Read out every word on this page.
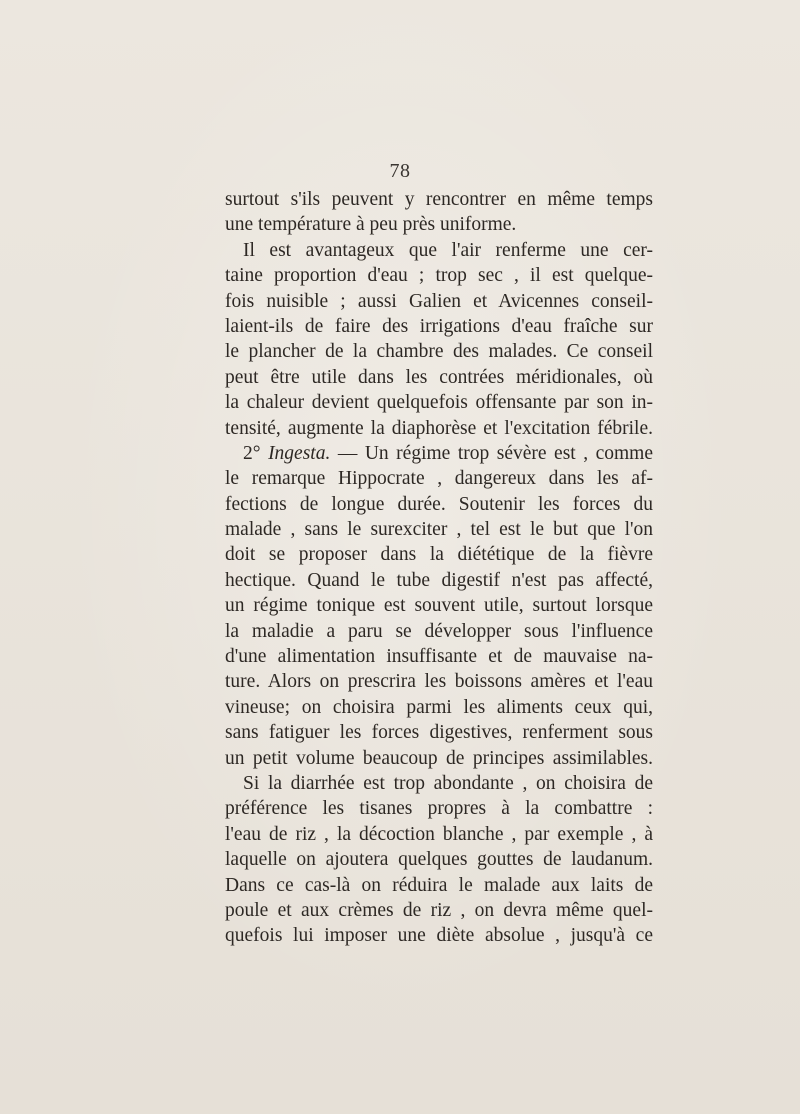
78
surtout s'ils peuvent y rencontrer en même temps
une température à peu près uniforme.
Il est avantageux que l'air renferme une cer-
taine proportion d'eau ; trop sec , il est quelque-
fois nuisible ; aussi Galien et Avicennes conseil-
laient-ils de faire des irrigations d'eau fraîche sur
le plancher de la chambre des malades. Ce conseil
peut être utile dans les contrées méridionales, où
la chaleur devient quelquefois offensante par son in-
tensité, augmente la diaphorèse et l'excitation fébrile.
2° Ingesta. — Un régime trop sévère est , comme
le remarque Hippocrate , dangereux dans les af-
fections de longue durée. Soutenir les forces du
malade , sans le surexciter , tel est le but que l'on
doit se proposer dans la diététique de la fièvre
hectique. Quand le tube digestif n'est pas affecté,
un régime tonique est souvent utile, surtout lorsque
la maladie a paru se développer sous l'influence
d'une alimentation insuffisante et de mauvaise na-
ture. Alors on prescrira les boissons amères et l'eau
vineuse; on choisira parmi les aliments ceux qui,
sans fatiguer les forces digestives, renferment sous
un petit volume beaucoup de principes assimilables.
Si la diarrhée est trop abondante , on choisira de
préférence les tisanes propres à la combattre :
l'eau de riz , la décoction blanche , par exemple , à
laquelle on ajoutera quelques gouttes de laudanum.
Dans ce cas-là on réduira le malade aux laits de
poule et aux crèmes de riz , on devra même quel-
quefois lui imposer une diète absolue , jusqu'à ce
